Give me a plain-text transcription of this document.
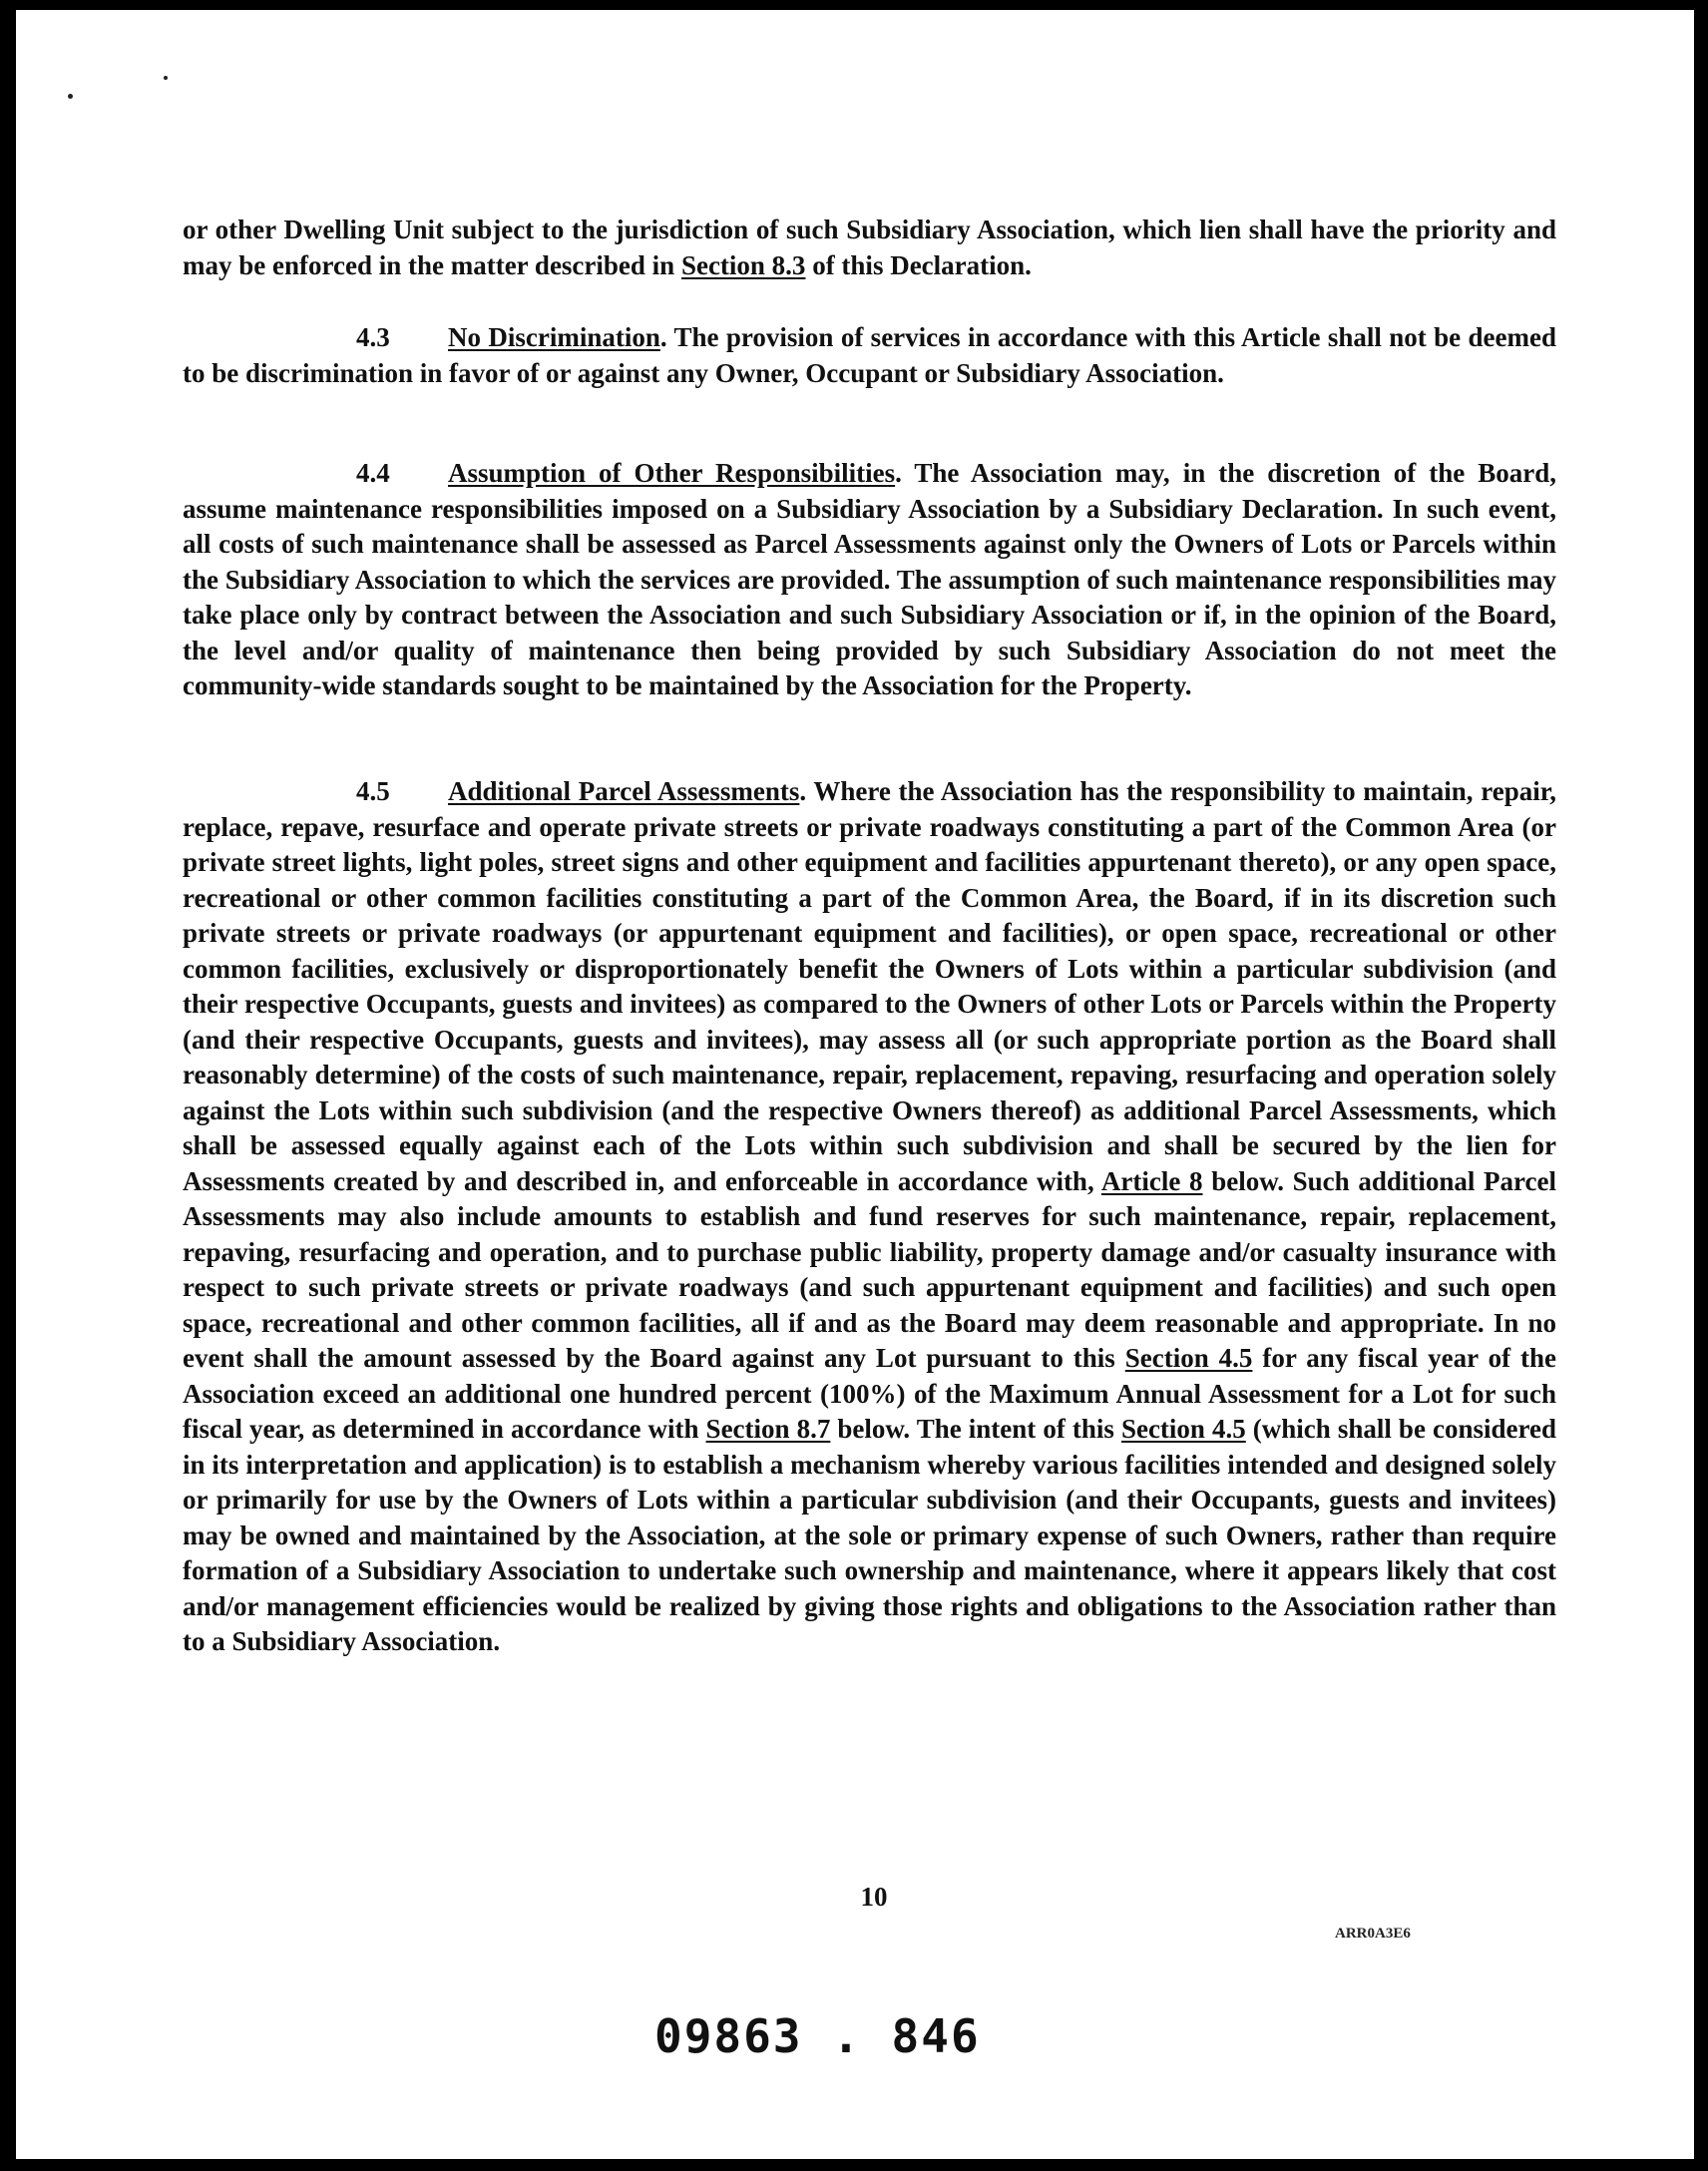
or other Dwelling Unit subject to the jurisdiction of such Subsidiary Association, which lien shall have the priority and may be enforced in the matter described in Section 8.3 of this Declaration.

4.3 No Discrimination. The provision of services in accordance with this Article shall not be deemed to be discrimination in favor of or against any Owner, Occupant or Subsidiary Association.

4.4 Assumption of Other Responsibilities. The Association may, in the discretion of the Board, assume maintenance responsibilities imposed on a Subsidiary Association by a Subsidiary Declaration. In such event, all costs of such maintenance shall be assessed as Parcel Assessments against only the Owners of Lots or Parcels within the Subsidiary Association to which the services are provided. The assumption of such maintenance responsibilities may take place only by contract between the Association and such Subsidiary Association or if, in the opinion of the Board, the level and/or quality of maintenance then being provided by such Subsidiary Association do not meet the community-wide standards sought to be maintained by the Association for the Property.

4.5 Additional Parcel Assessments. Where the Association has the responsibility to maintain, repair, replace, repave, resurface and operate private streets or private roadways constituting a part of the Common Area (or private street lights, light poles, street signs and other equipment and facilities appurtenant thereto), or any open space, recreational or other common facilities constituting a part of the Common Area, the Board, if in its discretion such private streets or private roadways (or appurtenant equipment and facilities), or open space, recreational or other common facilities, exclusively or disproportionately benefit the Owners of Lots within a particular subdivision (and their respective Occupants, guests and invitees) as compared to the Owners of other Lots or Parcels within the Property (and their respective Occupants, guests and invitees), may assess all (or such appropriate portion as the Board shall reasonably determine) of the costs of such maintenance, repair, replacement, repaving, resurfacing and operation solely against the Lots within such subdivision (and the respective Owners thereof) as additional Parcel Assessments, which shall be assessed equally against each of the Lots within such subdivision and shall be secured by the lien for Assessments created by and described in, and enforceable in accordance with, Article 8 below. Such additional Parcel Assessments may also include amounts to establish and fund reserves for such maintenance, repair, replacement, repaving, resurfacing and operation, and to purchase public liability, property damage and/or casualty insurance with respect to such private streets or private roadways (and such appurtenant equipment and facilities) and such open space, recreational and other common facilities, all if and as the Board may deem reasonable and appropriate. In no event shall the amount assessed by the Board against any Lot pursuant to this Section 4.5 for any fiscal year of the Association exceed an additional one hundred percent (100%) of the Maximum Annual Assessment for a Lot for such fiscal year, as determined in accordance with Section 8.7 below. The intent of this Section 4.5 (which shall be considered in its interpretation and application) is to establish a mechanism whereby various facilities intended and designed solely or primarily for use by the Owners of Lots within a particular subdivision (and their Occupants, guests and invitees) may be owned and maintained by the Association, at the sole or primary expense of such Owners, rather than require formation of a Subsidiary Association to undertake such ownership and maintenance, where it appears likely that cost and/or management efficiencies would be realized by giving those rights and obligations to the Association rather than to a Subsidiary Association.

10
ARR0A3E6
09863 . 846
